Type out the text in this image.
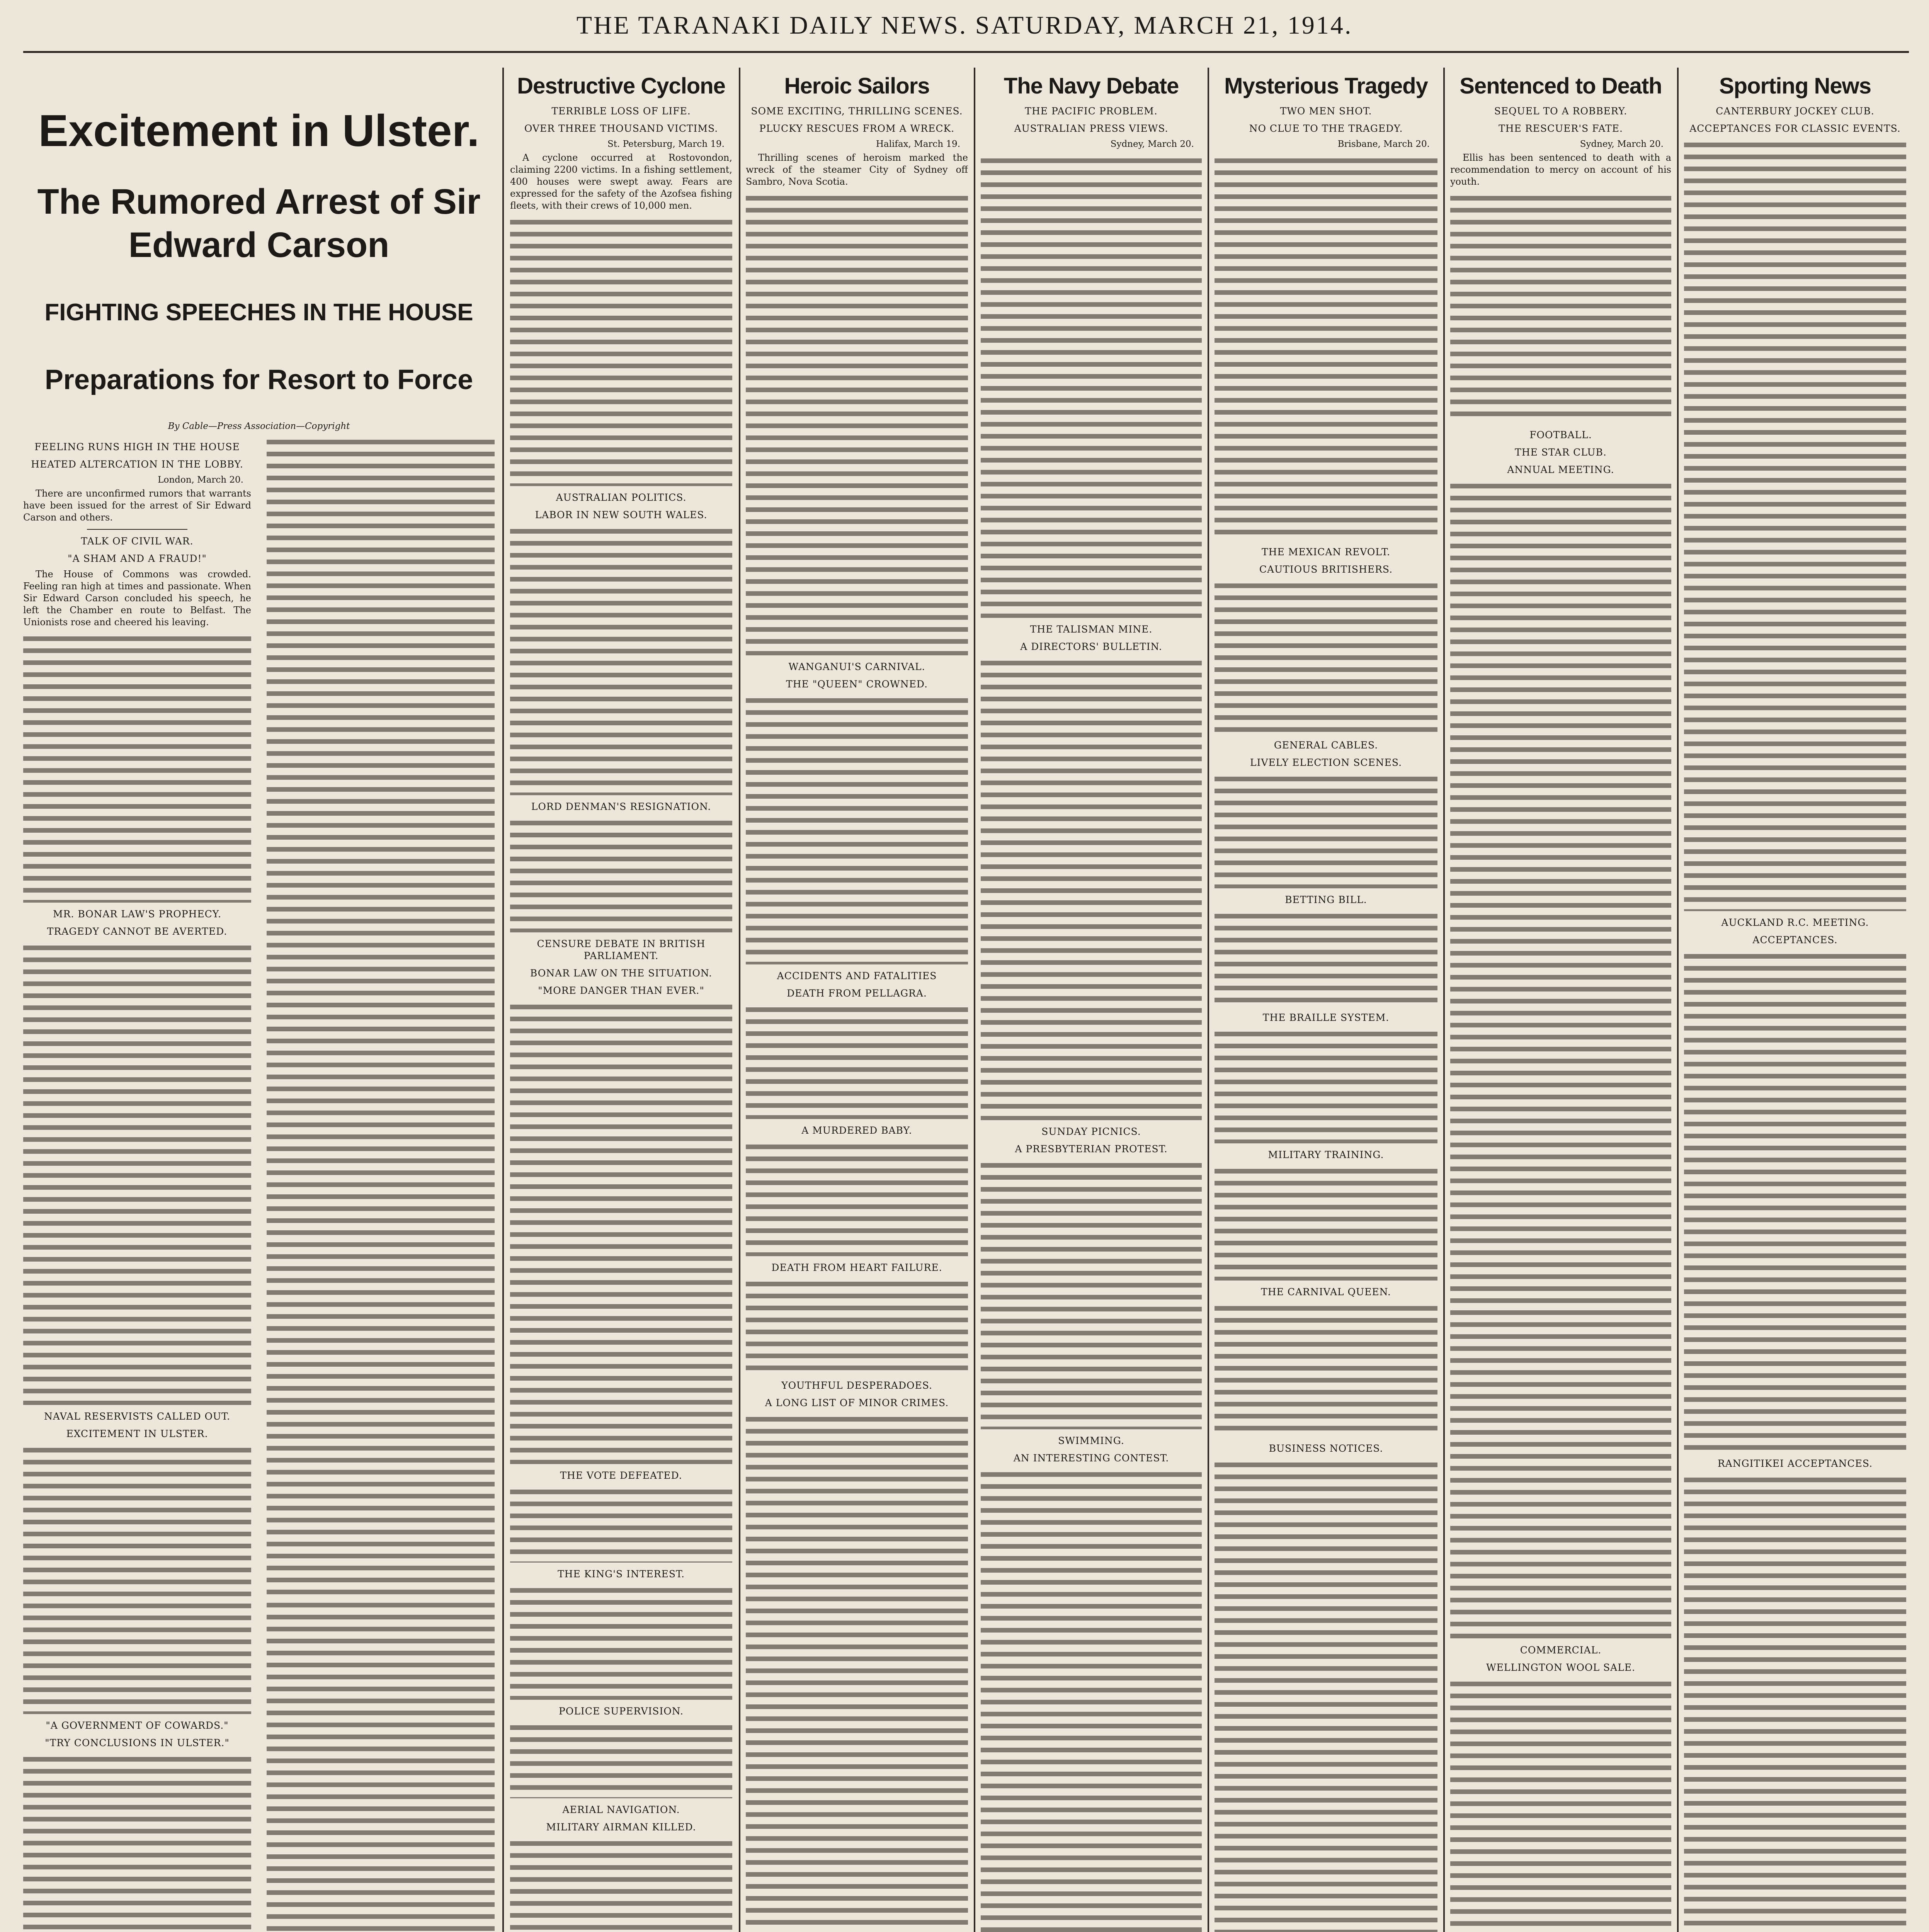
THE TARANAKI DAILY NEWS. SATURDAY, MARCH 21, 1914.
Excitement in Ulster.
The Rumored Arrest of Sir Edward Carson
FIGHTING SPEECHES IN THE HOUSE
Preparations for Resort to Force
By Cable—Press Association—Copyright
FEELING RUNS HIGH IN THE HOUSE
HEATED ALTERCATION IN THE LOBBY.
London, March 20.

There are unconfirmed rumors that warrants have been issued for the arrest of Sir Edward Carson and others.

TALK OF CIVIL WAR.
"A SHAM AND A FRAUD!"

The House of Commons was crowded. Feeling ran high at times and passionate. When Sir Edward Carson concluded his speech, he left the Chamber en route to Belfast. The Unionists rose and cheered his leaving.

MR. BONAR LAW'S PROPHECY.
TRAGEDY CANNOT BE AVERTED.
NAVAL RESERVISTS CALLED OUT.
EXCITEMENT IN ULSTER.
"A GOVERNMENT OF COWARDS."
"TRY CONCLUSIONS IN ULSTER."
Destructive Cyclone
TERRIBLE LOSS OF LIFE.
OVER THREE THOUSAND VICTIMS.
St. Petersburg, March 19.

A cyclone occurred at Rostovondon, claiming 2200 victims. In a fishing settlement, 400 houses were swept away. Fears are expressed for the safety of the Azofsea fishing fleets, with their crews of 10,000 men.

AUSTRALIAN POLITICS.
LABOR IN NEW SOUTH WALES.
LORD DENMAN'S RESIGNATION.
CENSURE DEBATE IN BRITISH PARLIAMENT.
BONAR LAW ON THE SITUATION.
"MORE DANGER THAN EVER."
THE VOTE DEFEATED.
THE KING'S INTEREST.
POLICE SUPERVISION.
AERIAL NAVIGATION.
MILITARY AIRMAN KILLED.
Heroic Sailors
SOME EXCITING, THRILLING SCENES.
PLUCKY RESCUES FROM A WRECK.
Halifax, March 19.

Thrilling scenes of heroism marked the wreck of the steamer City of Sydney off Sambro, Nova Scotia.

WANGANUI'S CARNIVAL.
THE "QUEEN" CROWNED.
ACCIDENTS AND FATALITIES
DEATH FROM PELLAGRA.
A MURDERED BABY.
DEATH FROM HEART FAILURE.
YOUTHFUL DESPERADOES.
A LONG LIST OF MINOR CRIMES.
The Navy Debate
THE PACIFIC PROBLEM.
AUSTRALIAN PRESS VIEWS.
Sydney, March 20.
THE TALISMAN MINE.
A DIRECTORS' BULLETIN.
SUNDAY PICNICS.
A PRESBYTERIAN PROTEST.
SWIMMING.
AN INTERESTING CONTEST.
Mysterious Tragedy
TWO MEN SHOT.
NO CLUE TO THE TRAGEDY.
Brisbane, March 20.
THE MEXICAN REVOLT.
CAUTIOUS BRITISHERS.
GENERAL CABLES.
LIVELY ELECTION SCENES.
BETTING BILL.
THE BRAILLE SYSTEM.
MILITARY TRAINING.
THE CARNIVAL QUEEN.
BUSINESS NOTICES.
Sentenced to Death
SEQUEL TO A ROBBERY.
THE RESCUER'S FATE.
Sydney, March 20.

Ellis has been sentenced to death with a recommendation to mercy on account of his youth.

FOOTBALL.
THE STAR CLUB.
ANNUAL MEETING.
COMMERCIAL.
WELLINGTON WOOL SALE.
Sporting News
CANTERBURY JOCKEY CLUB.
ACCEPTANCES FOR CLASSIC EVENTS.
AUCKLAND R.C. MEETING.
ACCEPTANCES.
RANGITIKEI ACCEPTANCES.
